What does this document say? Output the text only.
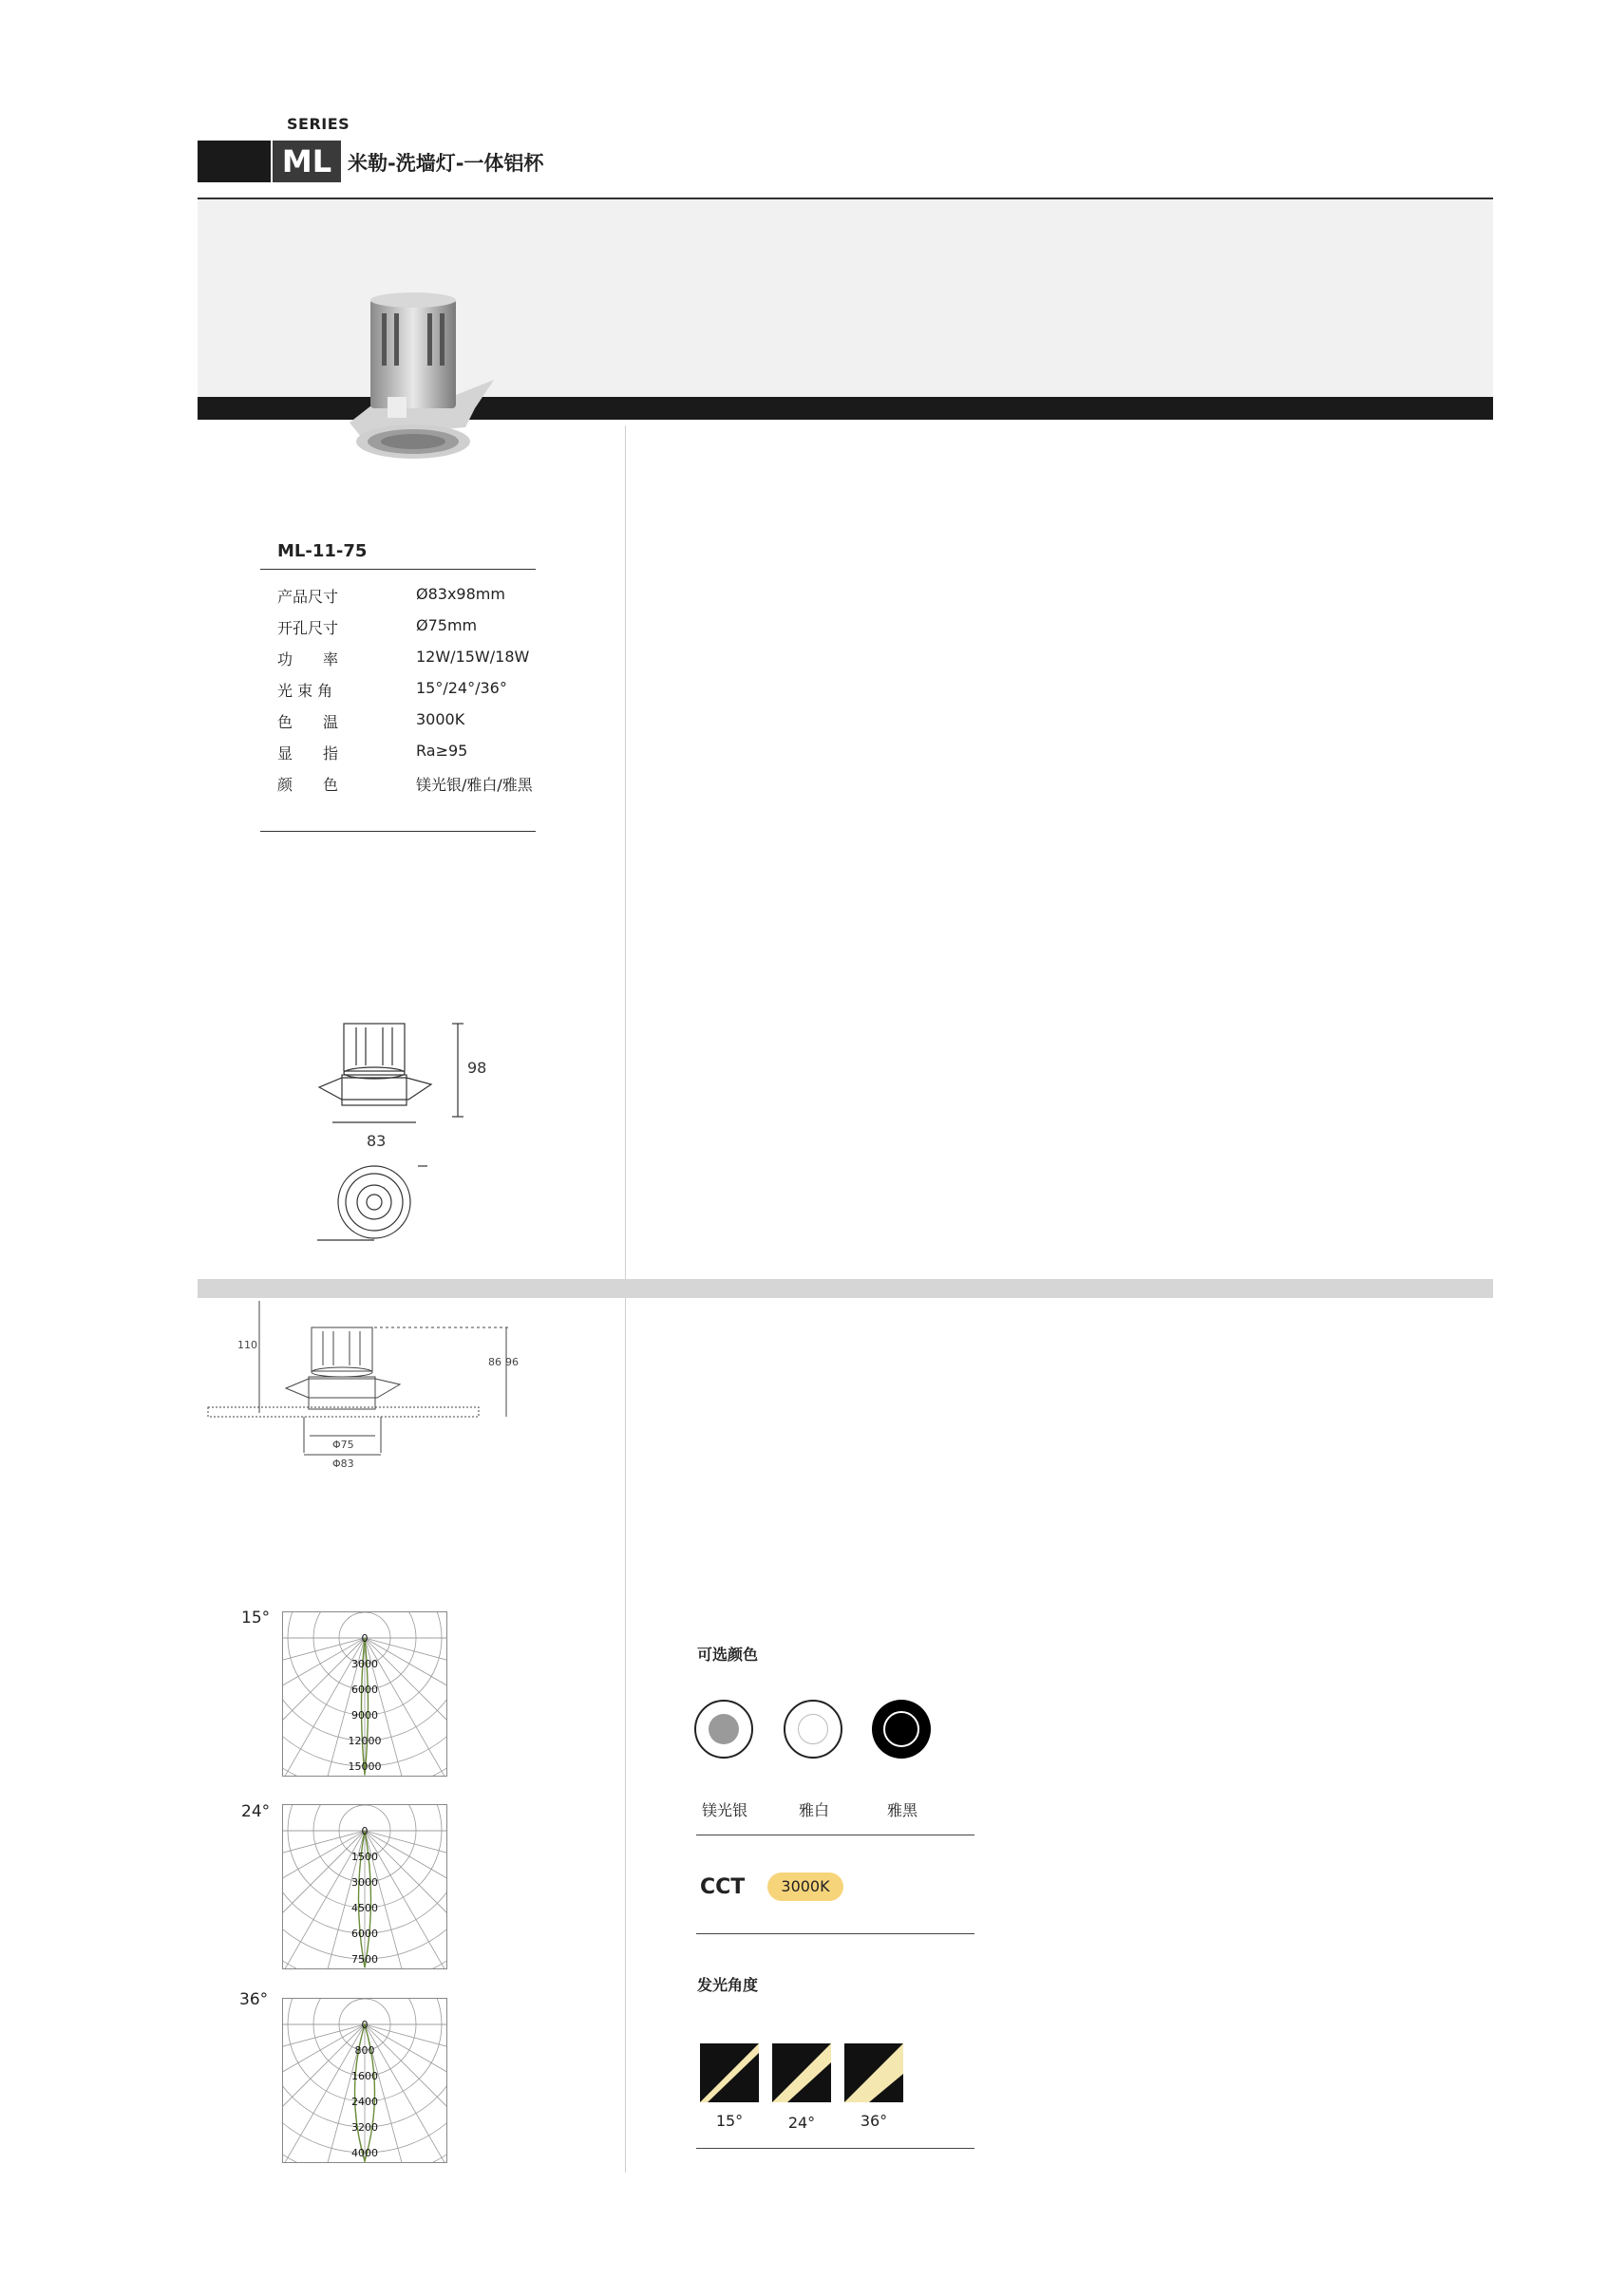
SERIES
ML 米勒-洗墙灯-一体铝杯
ML-11-75
产品尺寸	Ø83x98mm
开孔尺寸	Ø75mm
功　　率	12W/15W/18W
光 束 角	15°/24°/36°
色　　温	3000K
显　　指	Ra≥95
颜　　色	镁光银/雅白/雅黑
98
83
110
86 96
Φ75
Φ83
15°
24°
36°
0
3000
6000
9000
12000
15000
0
1500
3000
4500
6000
7500
0
800
1600
2400
3200
4000
可选颜色
镁光银	雅白	雅黑
CCT	3000K
发光角度
15°	24°	36°
